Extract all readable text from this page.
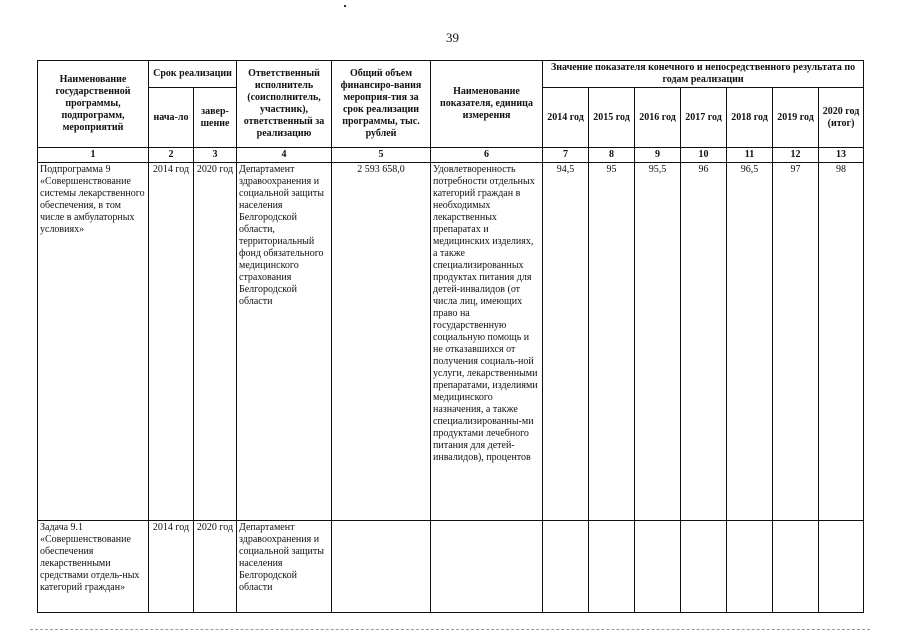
39
Наименование государственной программы, подпрограмм, мероприятий	Срок реализации		Ответственный исполнитель (соисполнитель, участник), ответственный за реализацию	Общий объем финансиро-вания мероприя-тия за срок реализации программы, тыс. рублей	Наименование показателя, единица измерения	Значение показателя конечного и непосредственного результата по годам реализации						
	нача-ло	завер-шение				2014 год	2015 год	2016 год	2017 год	2018 год	2019 год	2020 год (итог)
1	2	3	4	5	6	7	8	9	10	11	12	13
Подпрограмма 9 «Совершенствование системы лекарственного обеспечения, в том числе в амбулаторных условиях»	2014 год	2020 год	Департамент здравоохранения и социальной защиты населения Белгородской области, территориальный фонд обязательного медицинского страхования Белгородской области	2 593 658,0	Удовлетворенность потребности отдельных категорий граждан в необходимых лекарственных препаратах и медицинских изделиях, а также специализированных продуктах питания для детей-инвалидов (от числа лиц, имеющих право на государственную социальную помощь и не отказавшихся от получения социаль-ной услуги, лекарственными препаратами, изделиями медицинского назначения, а также специализированны-ми продуктами лечебного питания для детей-инвалидов), процентов	94,5	95	95,5	96	96,5	97	98
Задача 9.1 «Совершенствование обеспечения лекарственными средствами отдель-ных категорий граждан»	2014 год	2020 год	Департамент здравоохранения и социальной защиты населения Белгородской области									
